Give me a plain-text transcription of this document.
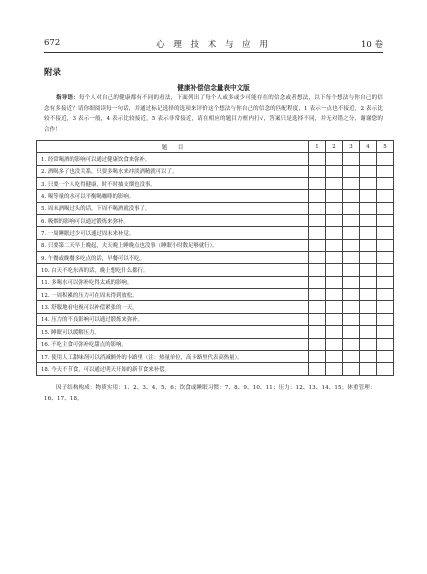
672	心 理 技 术 与 应 用	10 卷
附录
健康补偿信念量表中文版
指导语：每个人对自己的健康都有不同的看法，下面列出了每个人或多或少可能存在的信念或者想法，以下每个想法与你自己的信念有多接近？请你细阅读每一句话，并通过标记选择的选项来评价这个想法与你自己的信念的匹配程度，1 表示一点也不接近，2 表示比较不接近，3 表示一般，4 表示比较接近，5 表示非常接近，请在相应的题目方框内打√，答案只是选择不同，并无对错之分，谢谢您的合作！
题　　目	1	2	3	4	5
1. 经常喝酒的影响可以通过健康饮食来弥补。					
2. 酒喝多了也没关系，只要多喝水来冲淡酒精就可以了。					
3. 只要一个人吃得健康，时不时抽支烟也没事。					
4. 喝等量的水可以平衡喝咖啡的影响。					
5. 周末酒喝过头的话，下周不喝酒就没事了。					
6. 吸烟的影响可以通过锻炼来弥补。					
7. 一周睡眠过少可以通过周末来补觉。					
8. 只要第二天早上晚起，夫天晚上睡晚点也没事（睡眠小时数足够就行）。					
9. 午餐或晚餐多吃点的话，早餐可以不吃。					
10. 白天不吃东西的话，晚上想吃什么都行。					
11. 多喝水可以弥补吃得太咸的影响。					
12. 一周积累的压力可在周末得到放松。					
13. 舒服地看电视可以补偿紧张的一天。					
14. 压力的不良影响可以通过锻炼来弥补。					
15. 睡眠可以缓解压力。					
16. 不吃主食可弥补吃甜点的影响。					
17. 使用人工甜味剂可以消减额外的卡路里（注：热量单位，高卡路里代表高热量）。					
18. 今天不节食，可以通过明天开始的新节食来补偿。					
因子结构构成：物质实用：1、2、3、4、5、6；饮食或睡眠习惯：7、8、9、10、11；压力：12、13、14、15；体重管理：16、17、18。
